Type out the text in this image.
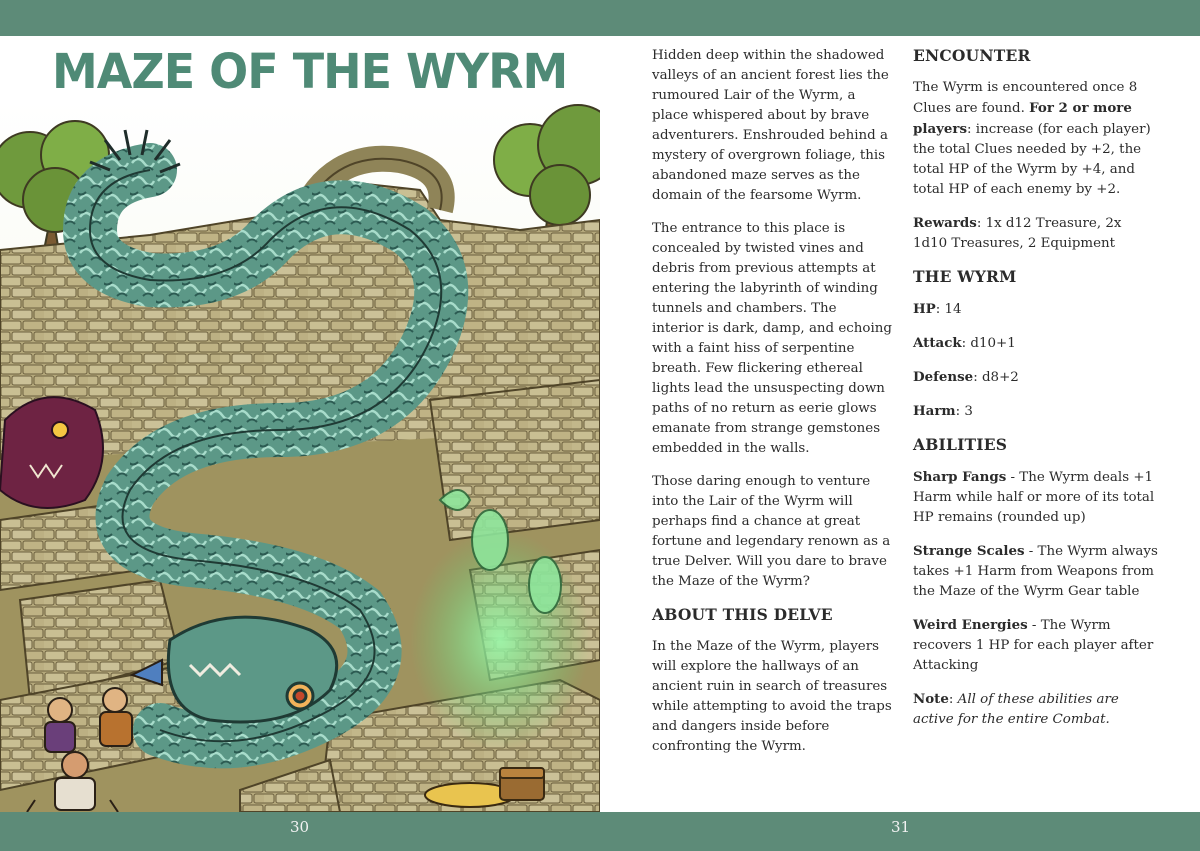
MAZE OF THE WYRM	Hidden deep within the shadowed valleys of an ancient forest lies the rumoured Lair of the Wyrm, a place whispered about by brave adventurers. Enshrouded behind a mystery of overgrown foliage, this abandoned maze serves as the domain of the fearsome Wyrm.

The entrance to this place is concealed by twisted vines and debris from previous attempts at entering the labyrinth of winding tunnels and chambers. The interior is dark, damp, and echoing with a faint hiss of serpentine breath. Few flickering ethereal lights lead the unsuspecting down paths of no return as eerie glows emanate from strange gemstones embedded in the walls.

Those daring enough to venture into the Lair of the Wyrm will perhaps find a chance at great fortune and legendary renown as a true Delver. Will you dare to brave the Maze of the Wyrm?

ABOUT THIS DELVE

In the Maze of the Wyrm, players will explore the hallways of an ancient ruin in search of treasures while attempting to avoid the traps and dangers inside before confronting the Wyrm.

ENCOUNTER

The Wyrm is encountered once 8 Clues are found. For 2 or more players: increase (for each player) the total Clues needed by +2, the total HP of the Wyrm by +4, and total HP of each enemy by +2.

Rewards: 1x d12 Treasure, 2x 1d10 Treasures, 2 Equipment

THE WYRM

HP: 14

Attack: d10+1

Defense: d8+2

Harm: 3

ABILITIES

Sharp Fangs - The Wyrm deals +1 Harm while half or more of its total HP remains (rounded up)

Strange Scales - The Wyrm always takes +1 Harm from Weapons from the Maze of the Wyrm Gear table

Weird Energies - The Wyrm recovers 1 HP for each player after Attacking

Note: All of these abilities are active for the entire Combat.

30	31
